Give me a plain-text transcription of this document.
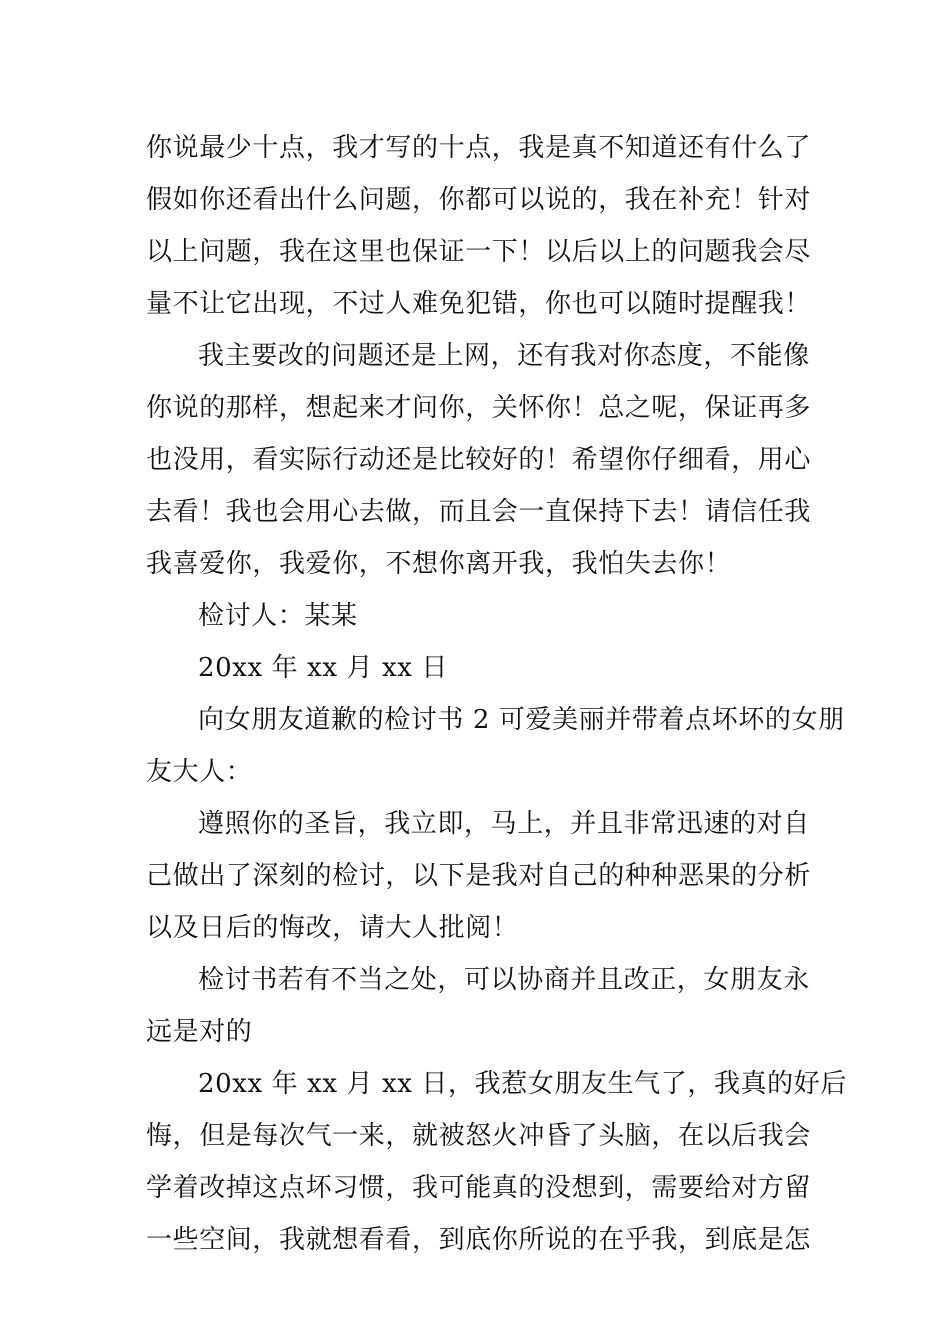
你说最少十点，我才写的十点，我是真不知道还有什么了
假如你还看出什么问题，你都可以说的，我在补充！针对
以上问题，我在这里也保证一下！以后以上的问题我会尽
量不让它出现，不过人难免犯错，你也可以随时提醒我！
我主要改的问题还是上网，还有我对你态度，不能像
你说的那样，想起来才问你，关怀你！总之呢，保证再多
也没用，看实际行动还是比较好的！希望你仔细看，用心
去看！我也会用心去做，而且会一直保持下去！请信任我
我喜爱你，我爱你，不想你离开我，我怕失去你！
检讨人：某某
20xx 年 xx 月 xx 日
向女朋友道歉的检讨书 2 可爱美丽并带着点坏坏的女朋
友大人：
遵照你的圣旨，我立即，马上，并且非常迅速的对自
己做出了深刻的检讨，以下是我对自己的种种恶果的分析
以及日后的悔改，请大人批阅！
检讨书若有不当之处，可以协商并且改正，女朋友永
远是对的
20xx 年 xx 月 xx 日，我惹女朋友生气了，我真的好后
悔，但是每次气一来，就被怒火冲昏了头脑，在以后我会
学着改掉这点坏习惯，我可能真的没想到，需要给对方留
一些空间，我就想看看，到底你所说的在乎我，到底是怎
